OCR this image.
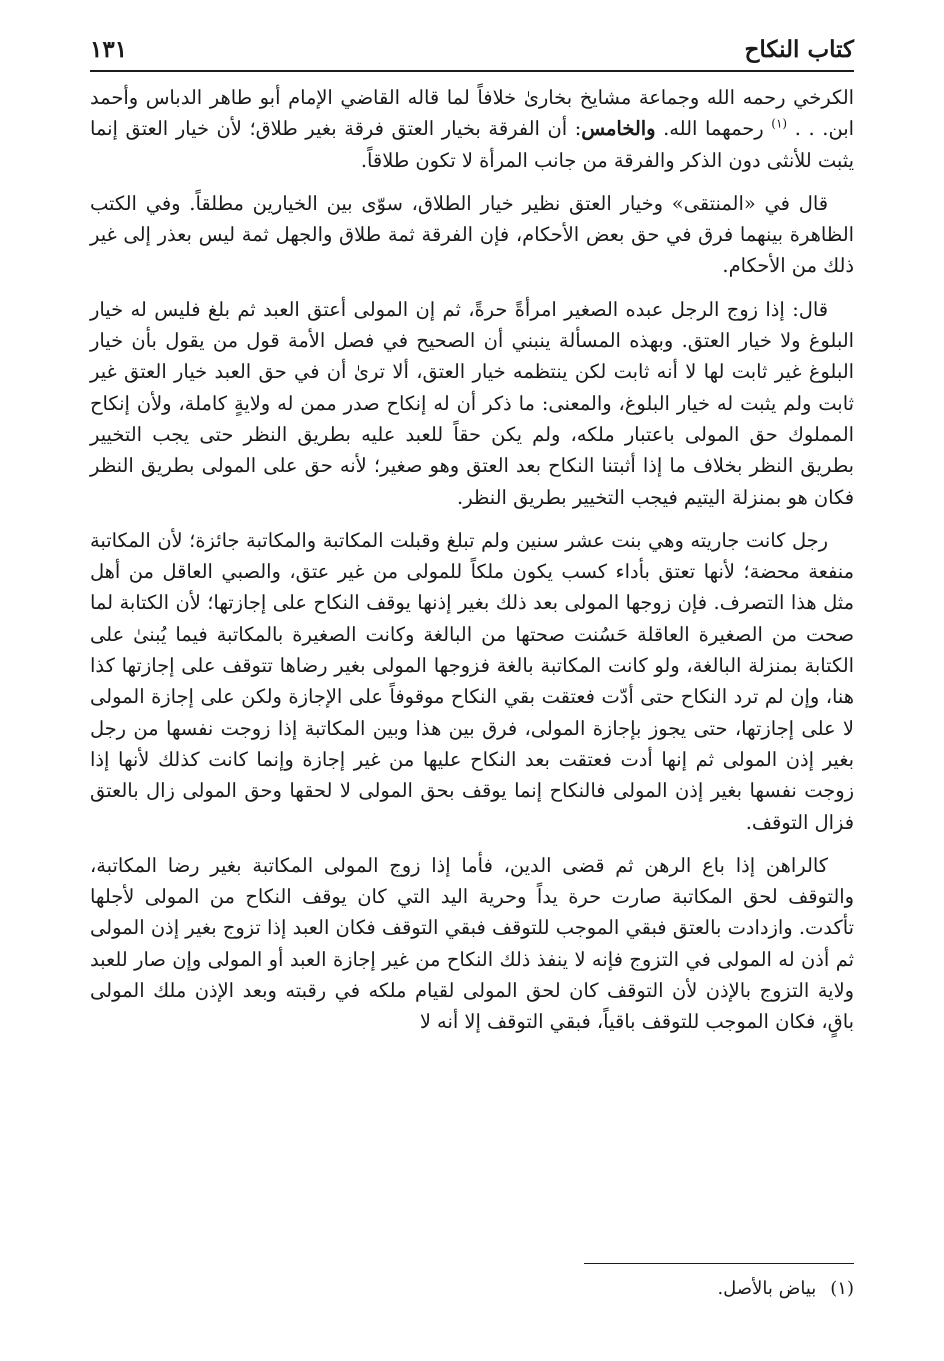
كتاب النكاح
١٣١

الكرخي رحمه الله وجماعة مشايخ بخارىٰ خلافاً لما قاله القاضي الإمام أبو طاهر الدباس وأحمد ابن. . . $^{(١)}$ رحمهما الله. والخامس: أن الفرقة بخيار العتق فرقة بغير طلاق؛ لأن خيار العتق إنما يثبت للأنثى دون الذكر والفرقة من جانب المرأة لا تكون طلاقاً.

قال في «المنتقى» وخيار العتق نظير خيار الطلاق، سوّى بين الخيارين مطلقاً. وفي الكتب الظاهرة بينهما فرق في حق بعض الأحكام، فإن الفرقة ثمة طلاق والجهل ثمة ليس بعذر إلى غير ذلك من الأحكام.

قال: إذا زوج الرجل عبده الصغير امرأةً حرةً، ثم إن المولى أعتق العبد ثم بلغ فليس له خيار البلوغ ولا خيار العتق. وبهذه المسألة ينبني أن الصحيح في فصل الأمة قول من يقول بأن خيار البلوغ غير ثابت لها لا أنه ثابت لكن ينتظمه خيار العتق، ألا ترىٰ أن في حق العبد خيار العتق غير ثابت ولم يثبت له خيار البلوغ، والمعنى: ما ذكر أن له إنكاح صدر ممن له ولايةٍ كاملة، ولأن إنكاح المملوك حق المولى باعتبار ملكه، ولم يكن حقاً للعبد عليه بطريق النظر حتى يجب التخيير بطريق النظر بخلاف ما إذا أثبتنا النكاح بعد العتق وهو صغير؛ لأنه حق على المولى بطريق النظر فكان هو بمنزلة اليتيم فيجب التخيير بطريق النظر.

رجل كانت جاريته وهي بنت عشر سنين ولم تبلغ وقبلت المكاتبة والمكاتبة جائزة؛ لأن المكاتبة منفعة محضة؛ لأنها تعتق بأداء كسب يكون ملكاً للمولى من غير عتق، والصبي العاقل من أهل مثل هذا التصرف. فإن زوجها المولى بعد ذلك بغير إذنها يوقف النكاح على إجازتها؛ لأن الكتابة لما صحت من الصغيرة العاقلة حَسُنت صحتها من البالغة وكانت الصغيرة بالمكاتبة فيما يُبنىٰ على الكتابة بمنزلة البالغة، ولو كانت المكاتبة بالغة فزوجها المولى بغير رضاها تتوقف على إجازتها كذا هنا، وإن لم ترد النكاح حتى أدّت فعتقت بقي النكاح موقوفاً على الإجازة ولكن على إجازة المولى لا على إجازتها، حتى يجوز بإجازة المولى، فرق بين هذا وبين المكاتبة إذا زوجت نفسها من رجل بغير إذن المولى ثم إنها أدت فعتقت بعد النكاح عليها من غير إجازة وإنما كانت كذلك لأنها إذا زوجت نفسها بغير إذن المولى فالنكاح إنما يوقف بحق المولى لا لحقها وحق المولى زال بالعتق فزال التوقف.

كالراهن إذا باع الرهن ثم قضى الدين، فأما إذا زوج المولى المكاتبة بغير رضا المكاتبة، والتوقف لحق المكاتبة صارت حرة يداً وحرية اليد التي كان يوقف النكاح من المولى لأجلها تأكدت. وازدادت بالعتق فبقي الموجب للتوقف فبقي التوقف فكان العبد إذا تزوج بغير إذن المولى ثم أذن له المولى في التزوج فإنه لا ينفذ ذلك النكاح من غير إجازة العبد أو المولى وإن صار للعبد ولاية التزوج بالإذن لأن التوقف كان لحق المولى لقيام ملكه في رقبته وبعد الإذن ملك المولى باقٍ، فكان الموجب للتوقف باقياً، فبقي التوقف إلا أنه لا

(١)بياض بالأصل.
